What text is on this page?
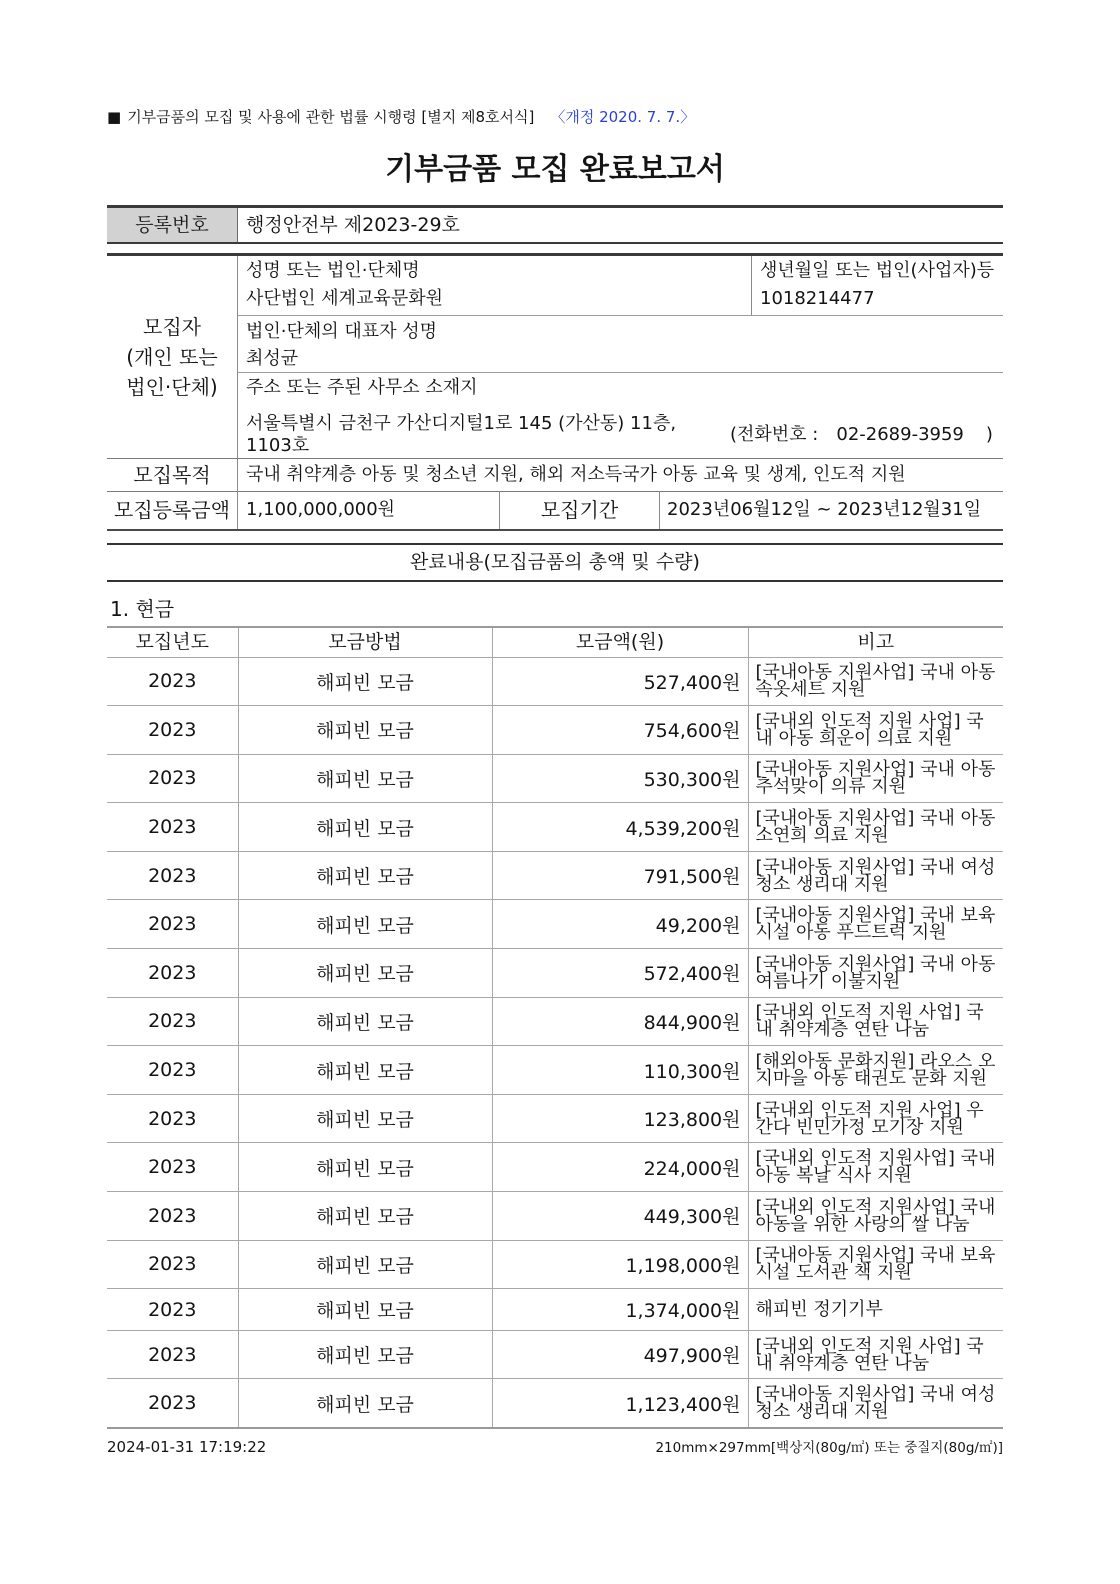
■ 기부금품의 모집 및 사용에 관한 법률 시행령 [별지 제8호서식] 〈개정 2020. 7. 7.〉
기부금품 모집 완료보고서
등록번호	행정안전부 제2023-29호
모집자
(개인 또는
법인·단체)
성명 또는 법인·단체명
사단법인 세계교육문화원
생년월일 또는 법인(사업자)등
1018214477
법인·단체의 대표자 성명
최성균
주소 또는 주된 사무소 소재지
서울특별시 금천구 가산디지털1로 145 (가산동) 11층, 1103호
(전화번호 : 02-2689-3959 )
모집목적	국내 취약계층 아동 및 청소년 지원, 해외 저소득국가 아동 교육 및 생계, 인도적 지원
모집등록금액 1,100,000,000원	모집기간	2023년06월12일 ~ 2023년12월31일
완료내용(모집금품의 총액 및 수량)
1. 현금
모집년도	모금방법	모금액(원)	비고
2023	해피빈 모금	527,400원	[국내아동 지원사업] 국내 아동 속옷세트 지원
2023	해피빈 모금	754,600원	[국내외 인도적 지원 사업] 국내 아동 희운이 의료 지원
2023	해피빈 모금	530,300원	[국내아동 지원사업] 국내 아동 추석맞이 의류 지원
2023	해피빈 모금	4,539,200원	[국내아동 지원사업] 국내 아동 소연희 의료 지원
2023	해피빈 모금	791,500원	[국내아동 지원사업] 국내 여성 청소 생리대 지원
2023	해피빈 모금	49,200원	[국내아동 지원사업] 국내 보육시설 아동 푸드트럭 지원
2023	해피빈 모금	572,400원	[국내아동 지원사업] 국내 아동 여름나기 이불지원
2023	해피빈 모금	844,900원	[국내외 인도적 지원 사업] 국내 취약계층 연탄 나눔
2023	해피빈 모금	110,300원	[해외아동 문화지원] 라오스 오지마을 아동 태권도 문화 지원
2023	해피빈 모금	123,800원	[국내외 인도적 지원 사업] 우간다 빈민가정 모기장 지원
2023	해피빈 모금	224,000원	[국내외 인도적 지원사업] 국내 아동 복날 식사 지원
2023	해피빈 모금	449,300원	[국내외 인도적 지원사업] 국내 아동을 위한 사랑의 쌀 나눔
2023	해피빈 모금	1,198,000원	[국내아동 지원사업] 국내 보육시설 도서관 책 지원
2023	해피빈 모금	1,374,000원	해피빈 정기기부
2023	해피빈 모금	497,900원	[국내외 인도적 지원 사업] 국내 취약계층 연탄 나눔
2023	해피빈 모금	1,123,400원	[국내아동 지원사업] 국내 여성 청소 생리대 지원
2024-01-31 17:19:22	210mm×297mm[백상지(80g/㎡) 또는 중질지(80g/㎡)]
